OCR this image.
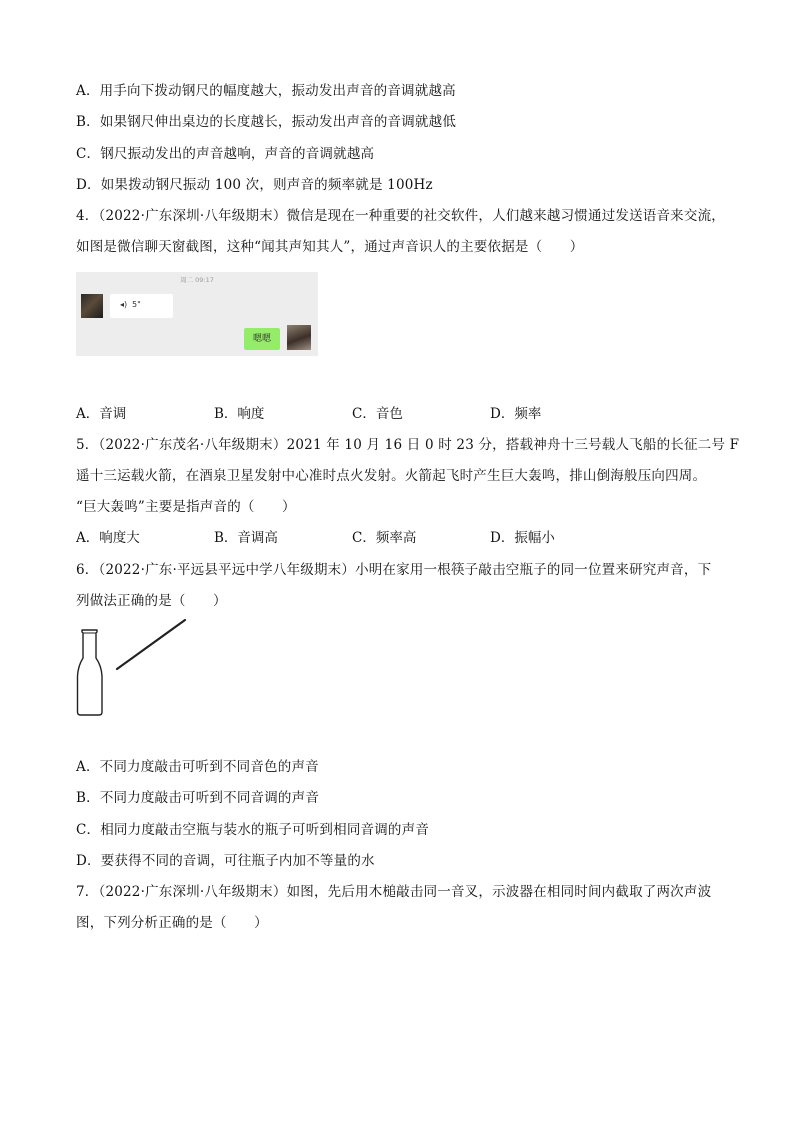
A．用手向下拨动钢尺的幅度越大，振动发出声音的音调就越高
B．如果钢尺伸出桌边的长度越长，振动发出声音的音调就越低
C．钢尺振动发出的声音越响，声音的音调就越高
D．如果拨动钢尺振动 100 次，则声音的频率就是 100Hz
4．（2022·广东深圳·八年级期末）微信是现在一种重要的社交软件，人们越来越习惯通过发送语音来交流，
如图是微信聊天窗截图，这种“闻其声知其人”，通过声音识人的主要依据是（　　）
周二 09:17
◂) 5"
嗯嗯
A．音调	B．响度	C．音色	D．频率
5．（2022·广东茂名·八年级期末）2021 年 10 月 16 日 0 时 23 分，搭载神舟十三号载人飞船的长征二号 F
遥十三运载火箭，在酒泉卫星发射中心准时点火发射。火箭起飞时产生巨大轰鸣，排山倒海般压向四周。
“巨大轰鸣”主要是指声音的（　　）
A．响度大	B．音调高	C．频率高	D．振幅小
6．（2022·广东·平远县平远中学八年级期末）小明在家用一根筷子敲击空瓶子的同一位置来研究声音，下
列做法正确的是（　　）
A．不同力度敲击可听到不同音色的声音
B．不同力度敲击可听到不同音调的声音
C．相同力度敲击空瓶与装水的瓶子可听到相同音调的声音
D．要获得不同的音调，可往瓶子内加不等量的水
7．（2022·广东深圳·八年级期末）如图，先后用木槌敲击同一音叉，示波器在相同时间内截取了两次声波
图，下列分析正确的是（　　）
